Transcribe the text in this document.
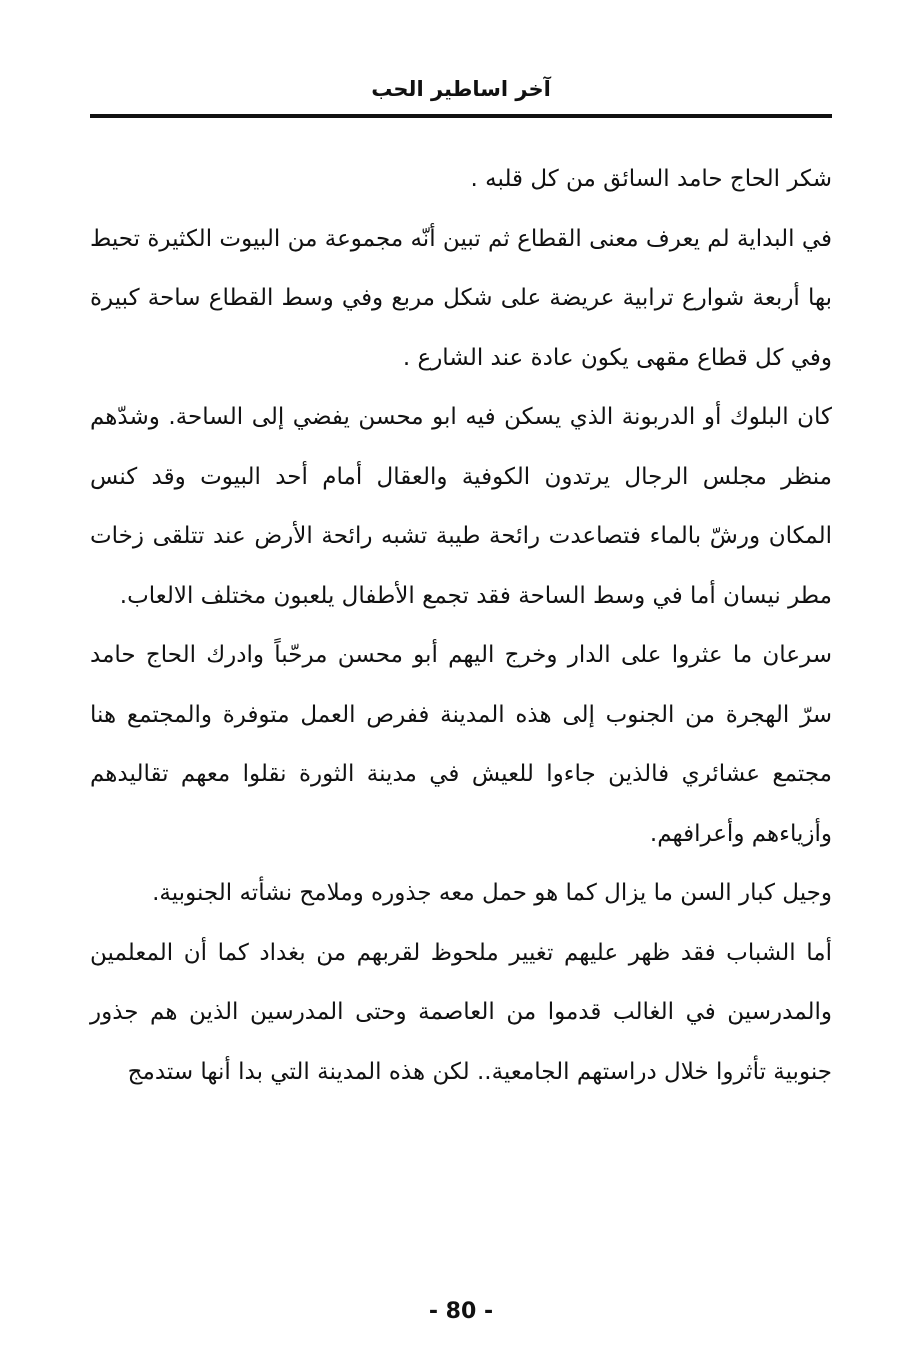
آخر اساطير الحب

شكر الحاج حامد السائق من كل قلبه .

في البداية لم يعرف معنى القطاع ثم تبين أنّه مجموعة من البيوت الكثيرة تحيط بها أربعة شوارع ترابية عريضة على شكل مربع وفي وسط القطاع ساحة كبيرة وفي كل قطاع مقهى يكون عادة عند الشارع .

كان البلوك أو الدربونة الذي يسكن فيه ابو محسن يفضي إلى الساحة. وشدّهم منظر مجلس الرجال يرتدون الكوفية والعقال أمام أحد البيوت وقد كنس المكان ورشّ بالماء فتصاعدت رائحة طيبة تشبه رائحة الأرض عند تتلقى زخات مطر نيسان أما في وسط الساحة فقد تجمع الأطفال يلعبون مختلف الالعاب.

سرعان ما عثروا على الدار وخرج اليهم أبو محسن مرحّباً وادرك الحاج حامد سرّ الهجرة من الجنوب إلى هذه المدينة ففرص العمل متوفرة والمجتمع هنا مجتمع عشائري فالذين جاءوا للعيش في مدينة الثورة نقلوا معهم تقاليدهم وأزياءهم وأعرافهم.

وجيل كبار السن ما يزال كما هو حمل معه جذوره وملامح نشأته الجنوبية.

أما الشباب فقد ظهر عليهم تغيير ملحوظ لقربهم من بغداد كما أن المعلمين والمدرسين في الغالب قدموا من العاصمة وحتى المدرسين الذين هم جذور جنوبية تأثروا خلال دراستهم الجامعية.. لكن هذه المدينة التي بدا أنها ستدمج

- 80 -
